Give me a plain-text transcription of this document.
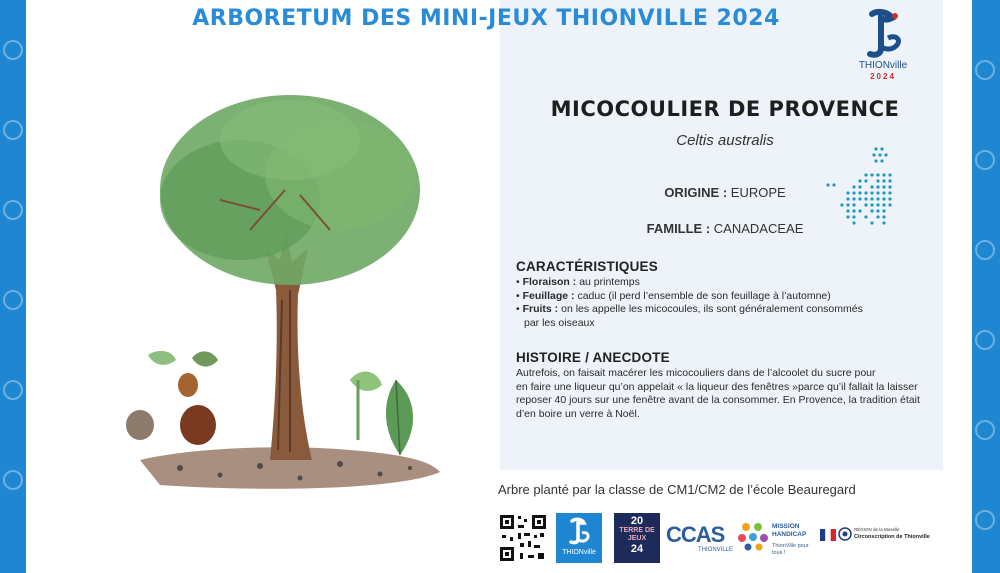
ARBORETUM DES MINI-JEUX THIONVILLE 2024
THIONville
2024
MICOCOULIER DE PROVENCE
Celtis australis
ORIGINE : EUROPE
FAMILLE : CANADACEAE
CARACTÉRISTIQUES
• Floraison : au printemps
• Feuillage : caduc (il perd l’ensemble de son feuillage à l’automne)
• Fruits : on les appelle les micocoules, ils sont généralement consommés
par les oiseaux
HISTOIRE / ANECDOTE
Autrefois, on faisait macérer les micocouliers dans de l’alcoolet du sucre pour
en faire une liqueur qu’on appelait « la liqueur des fenêtres »parce qu’il fallait la laisser
reposer 40 jours sur une fenêtre avant de la consommer. En Provence, la tradition était
d’en boire un verre à Noël.
Arbre planté par la classe de CM1/CM2 de l’école Beauregard
THIONville
20
TERRE DE JEUX
24
CCAS
THIONVILLE
MISSION HANDICAP
ThionVille pour tous !
RÉGION de la Moselle
Circonscription de Thionville
